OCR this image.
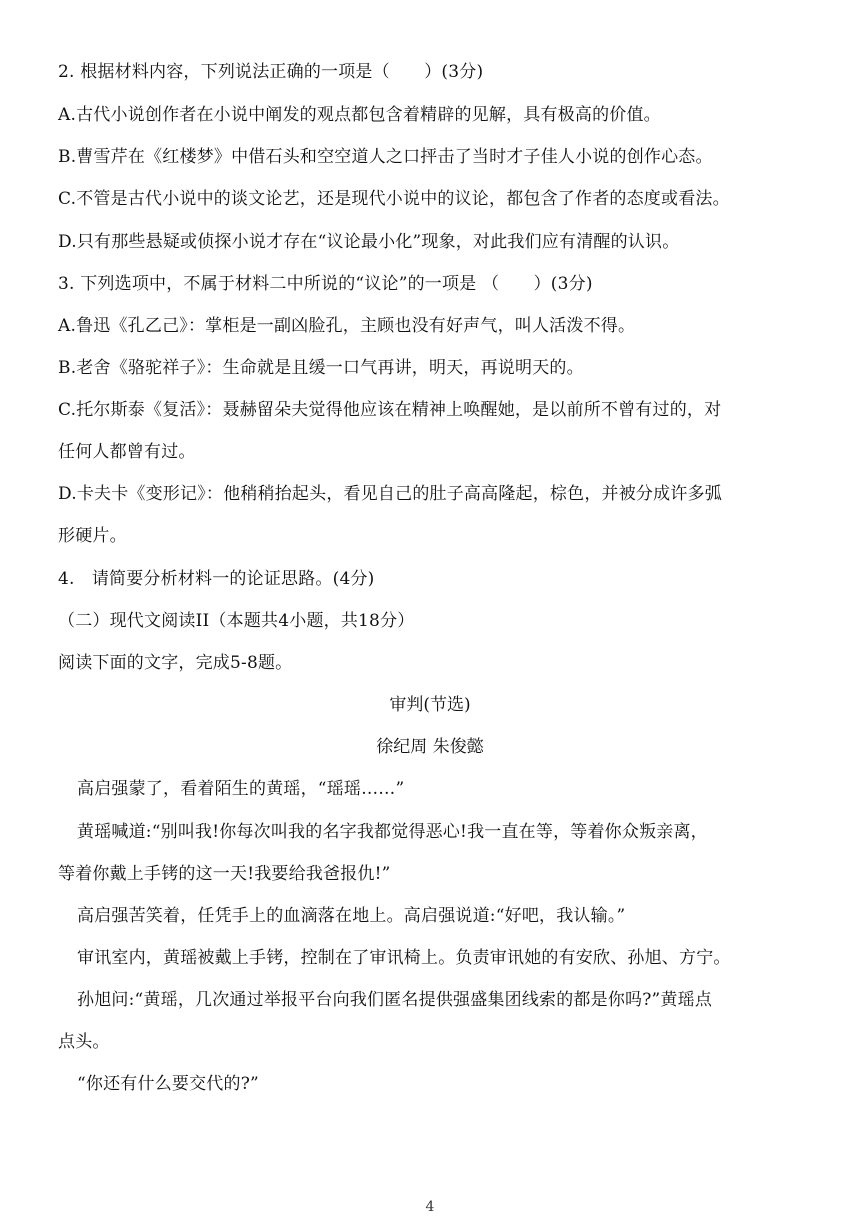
2. 根据材料内容，下列说法正确的一项是（　　）(3分)
A.古代小说创作者在小说中阐发的观点都包含着精辟的见解，具有极高的价值。
B.曹雪芹在《红楼梦》中借石头和空空道人之口抨击了当时才子佳人小说的创作心态。
C.不管是古代小说中的谈文论艺，还是现代小说中的议论，都包含了作者的态度或看法。
D.只有那些悬疑或侦探小说才存在“议论最小化”现象，对此我们应有清醒的认识。
3. 下列选项中，不属于材料二中所说的“议论”的一项是 （　　）(3分)
A.鲁迅《孔乙己》：掌柜是一副凶脸孔，主顾也没有好声气，叫人活泼不得。
B.老舍《骆驼祥子》：生命就是且缓一口气再讲，明天，再说明天的。
C.托尔斯泰《复活》：聂赫留朵夫觉得他应该在精神上唤醒她，是以前所不曾有过的，对
任何人都曾有过。
D.卡夫卡《变形记》：他稍稍抬起头，看见自己的肚子高高隆起，棕色，并被分成许多弧
形硬片。
4.　请简要分析材料一的论证思路。(4分)
（二）现代文阅读II（本题共4小题，共18分）
阅读下面的文字，完成5-8题。
审判(节选)
徐纪周 朱俊懿
高启强蒙了，看着陌生的黄瑶，“瑶瑶……”
黄瑶喊道:“别叫我!你每次叫我的名字我都觉得恶心!我一直在等，等着你众叛亲离，
等着你戴上手铐的这一天!我要给我爸报仇!”
高启强苦笑着，任凭手上的血滴落在地上。高启强说道:“好吧，我认输。”
审讯室内，黄瑶被戴上手铐，控制在了审讯椅上。负责审讯她的有安欣、孙旭、方宁。
孙旭问:“黄瑶，几次通过举报平台向我们匿名提供强盛集团线索的都是你吗?”黄瑶点
点头。
“你还有什么要交代的?”
4
